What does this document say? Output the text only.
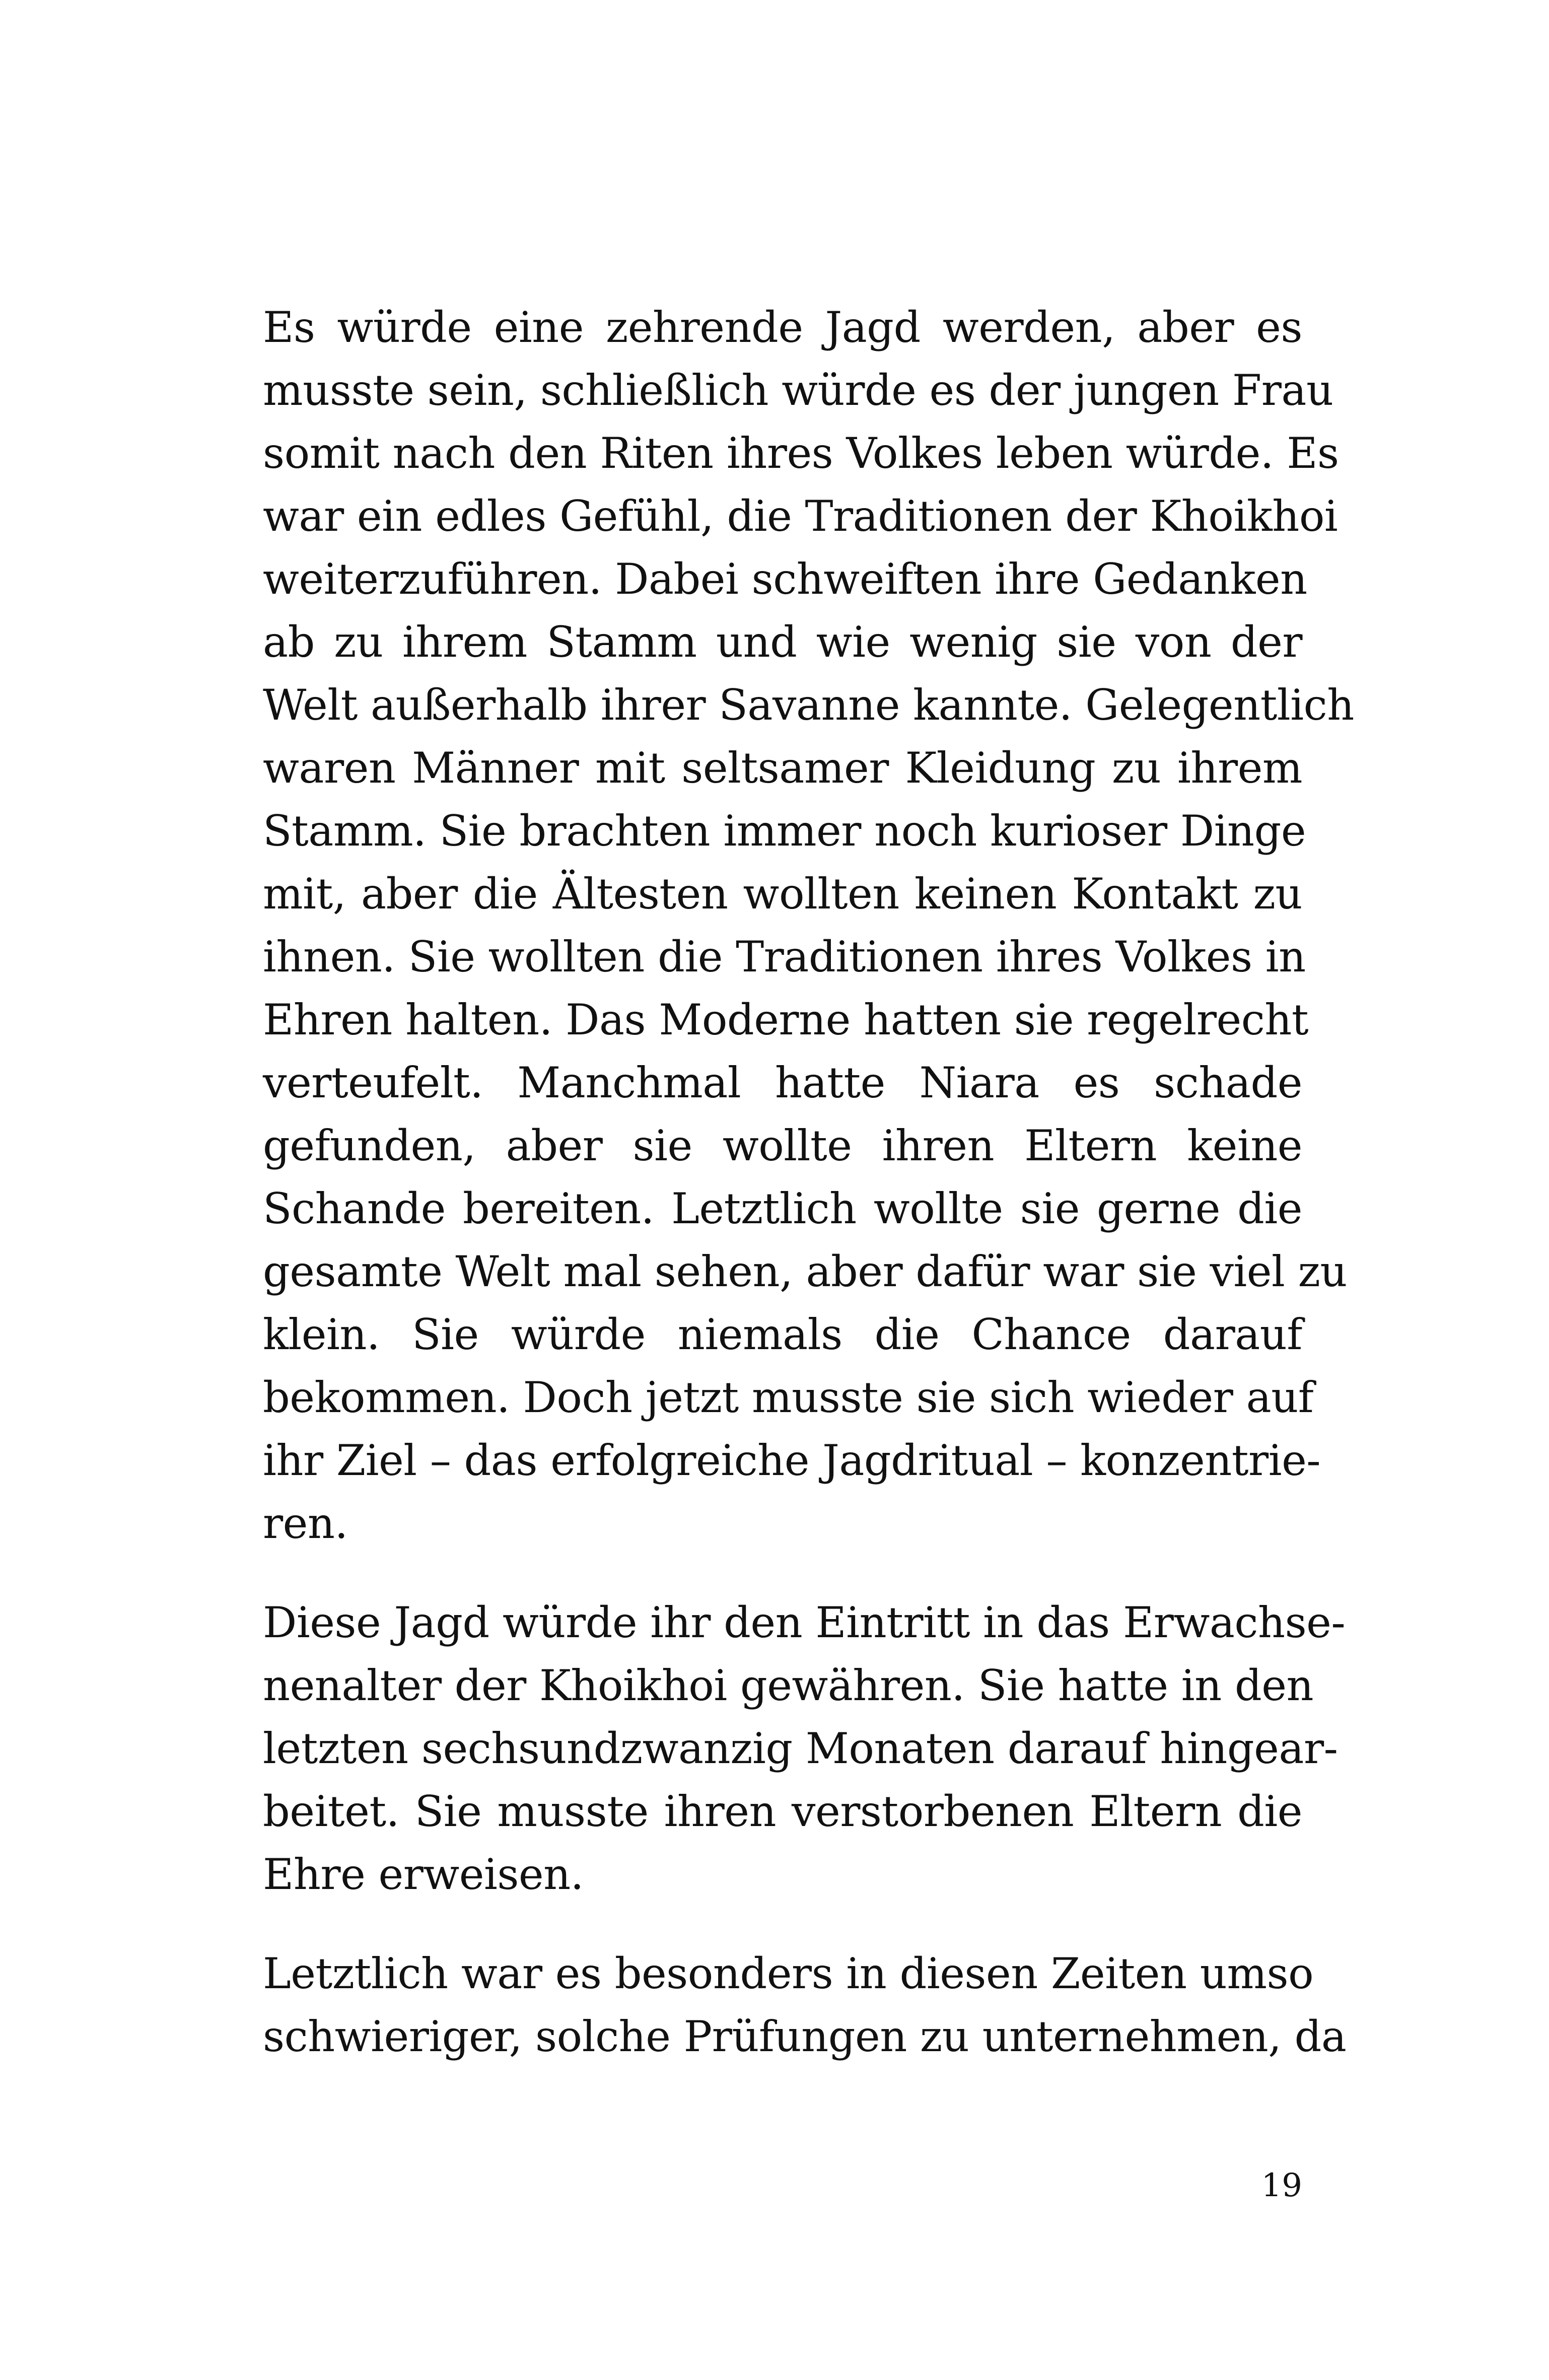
Es würde eine zehrende Jagd werden, aber es
musste sein, schließlich würde es der jungen Frau
somit nach den Riten ihres Volkes leben würde. Es
war ein edles Gefühl, die Traditionen der Khoikhoi
weiterzuführen. Dabei schweiften ihre Gedanken
ab zu ihrem Stamm und wie wenig sie von der
Welt außerhalb ihrer Savanne kannte. Gelegentlich
waren Männer mit seltsamer Kleidung zu ihrem
Stamm. Sie brachten immer noch kurioser Dinge
mit, aber die Ältesten wollten keinen Kontakt zu
ihnen. Sie wollten die Traditionen ihres Volkes in
Ehren halten. Das Moderne hatten sie regelrecht
verteufelt. Manchmal hatte Niara es schade
gefunden, aber sie wollte ihren Eltern keine
Schande bereiten. Letztlich wollte sie gerne die
gesamte Welt mal sehen, aber dafür war sie viel zu
klein. Sie würde niemals die Chance darauf
bekommen. Doch jetzt musste sie sich wieder auf
ihr Ziel – das erfolgreiche Jagdritual – konzentrie-
ren.
Diese Jagd würde ihr den Eintritt in das Erwachse-
nenalter der Khoikhoi gewähren. Sie hatte in den
letzten sechsundzwanzig Monaten darauf hingear-
beitet. Sie musste ihren verstorbenen Eltern die
Ehre erweisen.
Letztlich war es besonders in diesen Zeiten umso
schwieriger, solche Prüfungen zu unternehmen, da
19
